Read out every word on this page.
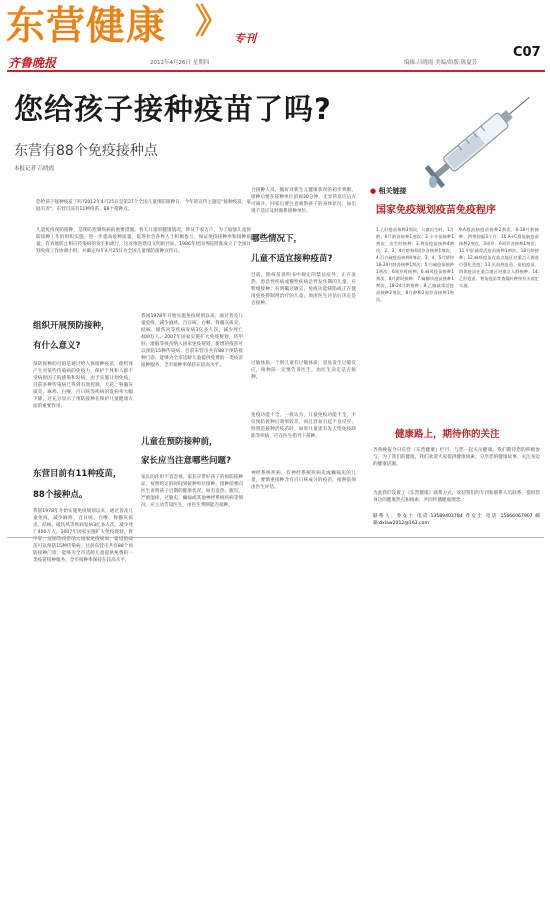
东营健康 》 专刊
C07
齐鲁晚报	2012年4月26日 星期四	编辑:吕晓霞 美编/组版:陈夏芳
您给孩子接种疫苗了吗?
东营有88个免疫接种点
本报记者 吕晓霞
您给孩子接种疫苗了吗?2012年4月25日是第27个全国儿童预防接种日，今年的宣传主题是"接种疫苗，家庭有责"。东营目前有11种疫苗、88个接种点。
儿童免疫预防接种，是预防控制疾病的重要措施。春天儿童的健康情况，涉及千家万户。为了加强儿童预防接种工作的组织实施，进一步提高接种质量，促进社会各界人士积极参与，保证免疫接种率和接种质量，有效地防止相应传染病的发生和流行，这对推进建设文明的目标，1986年经国务院批准成立了全国计划免疫工作协调小组，并确定每年4月25日为全国儿童预防接种宣传日。
组织开展预防接种，
有什么意义?
预防接种的目的是通过给人体接种疫苗，使机体产生对某些传染病的免疫力，保护个体和人群不受病原因子的感染和发病。由于实施计划免疫，目前多种传染病已得到有效控制，天花、脊髓灰质炎、麻疹、白喉、百日咳等疾病的发病率大幅下降，这充分显示了预防接种在保护儿童健康方面的重要作用。
东营目前有11种疫苗，
88个接种点。
我国1978年开始实施免疫规划以来，通过普及儿童免疫，减少麻疹、百日咳、白喉、脊髓灰质炎、结核、破伤风等疾病发病3亿多人次，减少死亡400万人。2007年国家实施扩大免疫规划，将甲肝、流脑等疫苗纳入国家免疫规划，新增的疫苗可以预防15种传染病。目前东营市共有88个预防接种门诊，能够为全市适龄儿童提供免费的一类疫苗接种服务，全市接种率保持在较高水平。
我国1978年开始实施免疫规划以来，通过普及儿童免疫，减少麻疹、百日咳、白喉、脊髓灰质炎、结核、破伤风等疾病发病3亿多人次，减少死亡400万人。2007年国家实施扩大免疫规划，将甲肝、流脑等疫苗纳入国家免疫规划，新增的疫苗可以预防15种传染病。目前东营市共有88个预防接种门诊，能够为全市适龄儿童提供免费的一类疫苗接种服务，全市接种率保持在较高水平。
儿童在预防接种前，
家长应当注意哪些问题?
家长的作用不容忽视。家长应带好孩子的预防接种证，按照约定的时间到接种单位接种。接种前要向医生说明孩子近期的健康状况，如有发热、腹泻、严重湿疹、过敏史、癫痫或其他神经系统疾病等情况，应主动告知医生，由医生判断能否接种。
合接种人员，做好对新生儿健康状况的初步判断，接种后要在接种单位留观30分钟，无异常反应后方可离开。回家后要注意观察孩子的身体状况，如出现不适应及时联系接种单位。
哪些情况下，
儿童不适宜接种疫苗?
目前，除疫苗说明书中规定的禁忌症外，正在发热、患急性疾病或慢性疾病急性发作期的儿童，应暂缓接种；有明确过敏史、免疫功能缺陷或正在使用免疫抑制剂治疗的儿童，须由医生评估后决定是否接种。
过敏体质，个别儿童有过敏体质，容易发生过敏反应，接种前一定要告诉医生，由医生决定是否接种。
免疫功能不全，一般认为，儿童免疫功能不全，不仅预防接种后效果较差，而且容易引起不良反应，特别是接种活疫苗时，如果儿童患有先天性免疫缺陷等疾病，应在医生指导下接种。
神经系统疾病，有神经系统疾病史或癫痫史的儿童，要慎重接种含有百日咳成分的疫苗，接种前须由医生评估。
● 相关链接
国家免疫规划疫苗免疫程序
1.乙肝疫苗接种3剂次，儿童出生时、1月龄、6月龄各接种1剂次；2.卡介苗接种1剂次，出生时接种；3.脊灰疫苗接种4剂次，2、3、4月龄和4周岁各接种1剂次；4.百白破疫苗接种4剂次，3、4、5月龄和18-24月龄各接种1剂次；5.白破疫苗接种1剂次，6周岁时接种；6.麻风疫苗接种1剂次，8月龄时接种；7.麻腮风疫苗接种1剂次，18-24月龄接种；8.乙脑减毒活疫苗接种2剂次，8月龄和2周岁各接种1剂次。
9.A群流脑疫苗接种2剂次，6-18月龄接种，两剂间隔3个月；10.A+C群流脑疫苗接种2剂次，3周岁、6周岁各接种1剂次；11.甲肝减毒活疫苗接种1剂次，18月龄接种；12.麻疹疫苗在重点地区对重点人群进行强化免疫；13.出血热疫苗、炭疽疫苗、钩体疫苗在重点地区对重点人群接种；14.乙肝疫苗、脊灰疫苗等查漏补种按有关规定实施。
健康路上，期待你的关注
齐鲁晚报今日东营《东营健康》栏目，与您一起关注健康。我们期待您的积极参与，为了我们的健康，我们欢迎大家提供健康线索，分享您的健康故事，关注身边的健康话题。
为此我们设置了《东营健康》联系方式，欢迎我们的专刊和联系人员联系，提供您身边的健康热点和线索，共同传播健康理念。
联系人：乔女士 电话:13589403784 乔女士 电话 15666067907 邮箱:dxlaw2012@163.com
